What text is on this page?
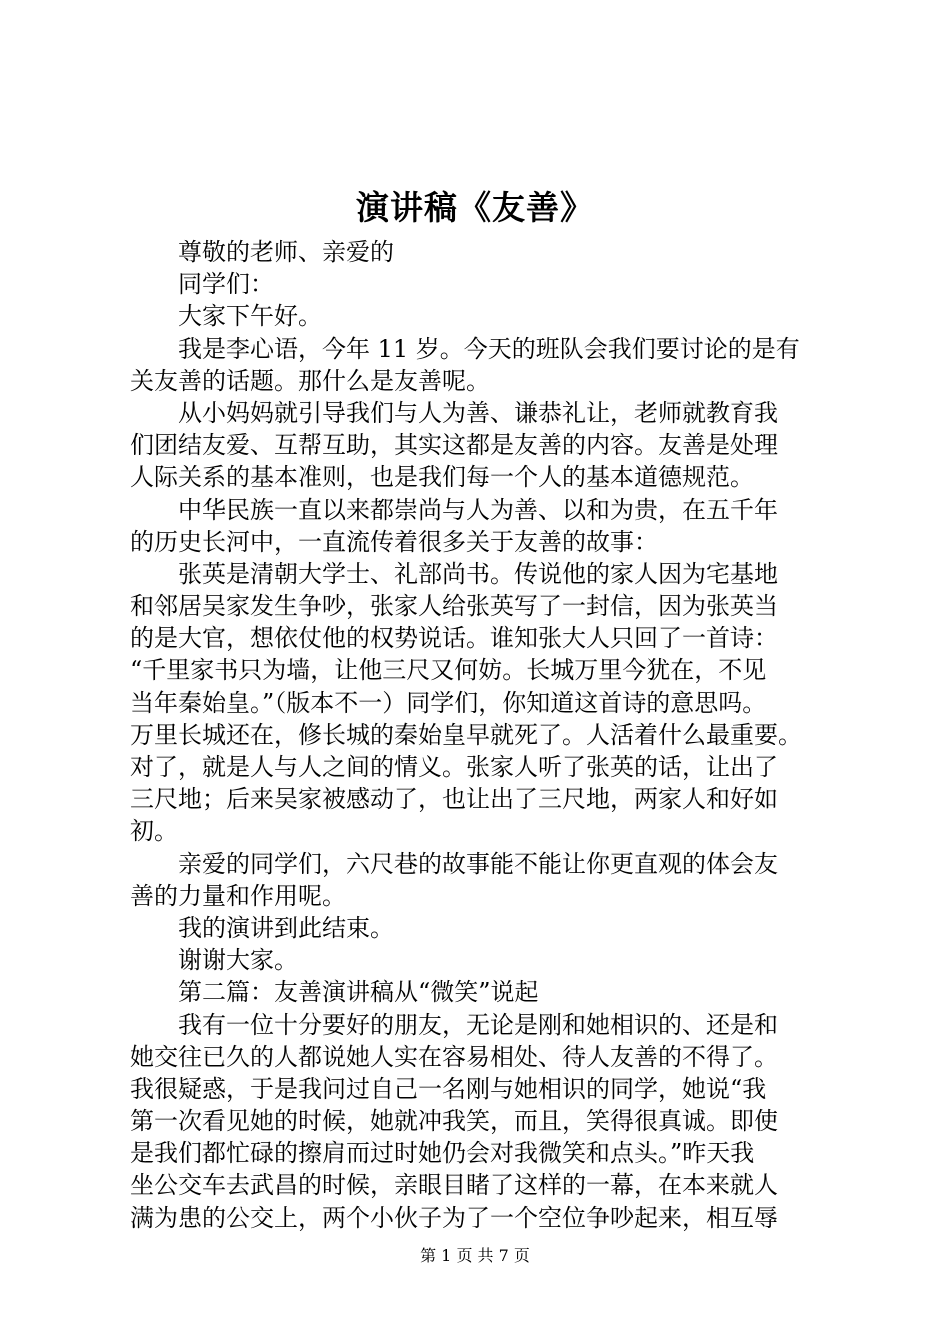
演讲稿《友善》
尊敬的老师、亲爱的
同学们：
大家下午好。
我是李心语，今年 11 岁。今天的班队会我们要讨论的是有
关友善的话题。那什么是友善呢。
从小妈妈就引导我们与人为善、谦恭礼让，老师就教育我
们团结友爱、互帮互助，其实这都是友善的内容。友善是处理
人际关系的基本准则，也是我们每一个人的基本道德规范。
中华民族一直以来都崇尚与人为善、以和为贵，在五千年
的历史长河中，一直流传着很多关于友善的故事：
张英是清朝大学士、礼部尚书。传说他的家人因为宅基地
和邻居吴家发生争吵，张家人给张英写了一封信，因为张英当
的是大官，想依仗他的权势说话。谁知张大人只回了一首诗：
“千里家书只为墙，让他三尺又何妨。长城万里今犹在，不见
当年秦始皇。”（版本不一）同学们，你知道这首诗的意思吗。
万里长城还在，修长城的秦始皇早就死了。人活着什么最重要。
对了，就是人与人之间的情义。张家人听了张英的话，让出了
三尺地；后来吴家被感动了，也让出了三尺地，两家人和好如
初。
亲爱的同学们，六尺巷的故事能不能让你更直观的体会友
善的力量和作用呢。
我的演讲到此结束。
谢谢大家。
第二篇：友善演讲稿从“微笑”说起
我有一位十分要好的朋友，无论是刚和她相识的、还是和
她交往已久的人都说她人实在容易相处、待人友善的不得了。
我很疑惑，于是我问过自己一名刚与她相识的同学，她说“我
第一次看见她的时候，她就冲我笑，而且，笑得很真诚。即使
是我们都忙碌的擦肩而过时她仍会对我微笑和点头。”昨天我
坐公交车去武昌的时候，亲眼目睹了这样的一幕，在本来就人
满为患的公交上，两个小伙子为了一个空位争吵起来，相互辱
第 1 页 共 7 页
